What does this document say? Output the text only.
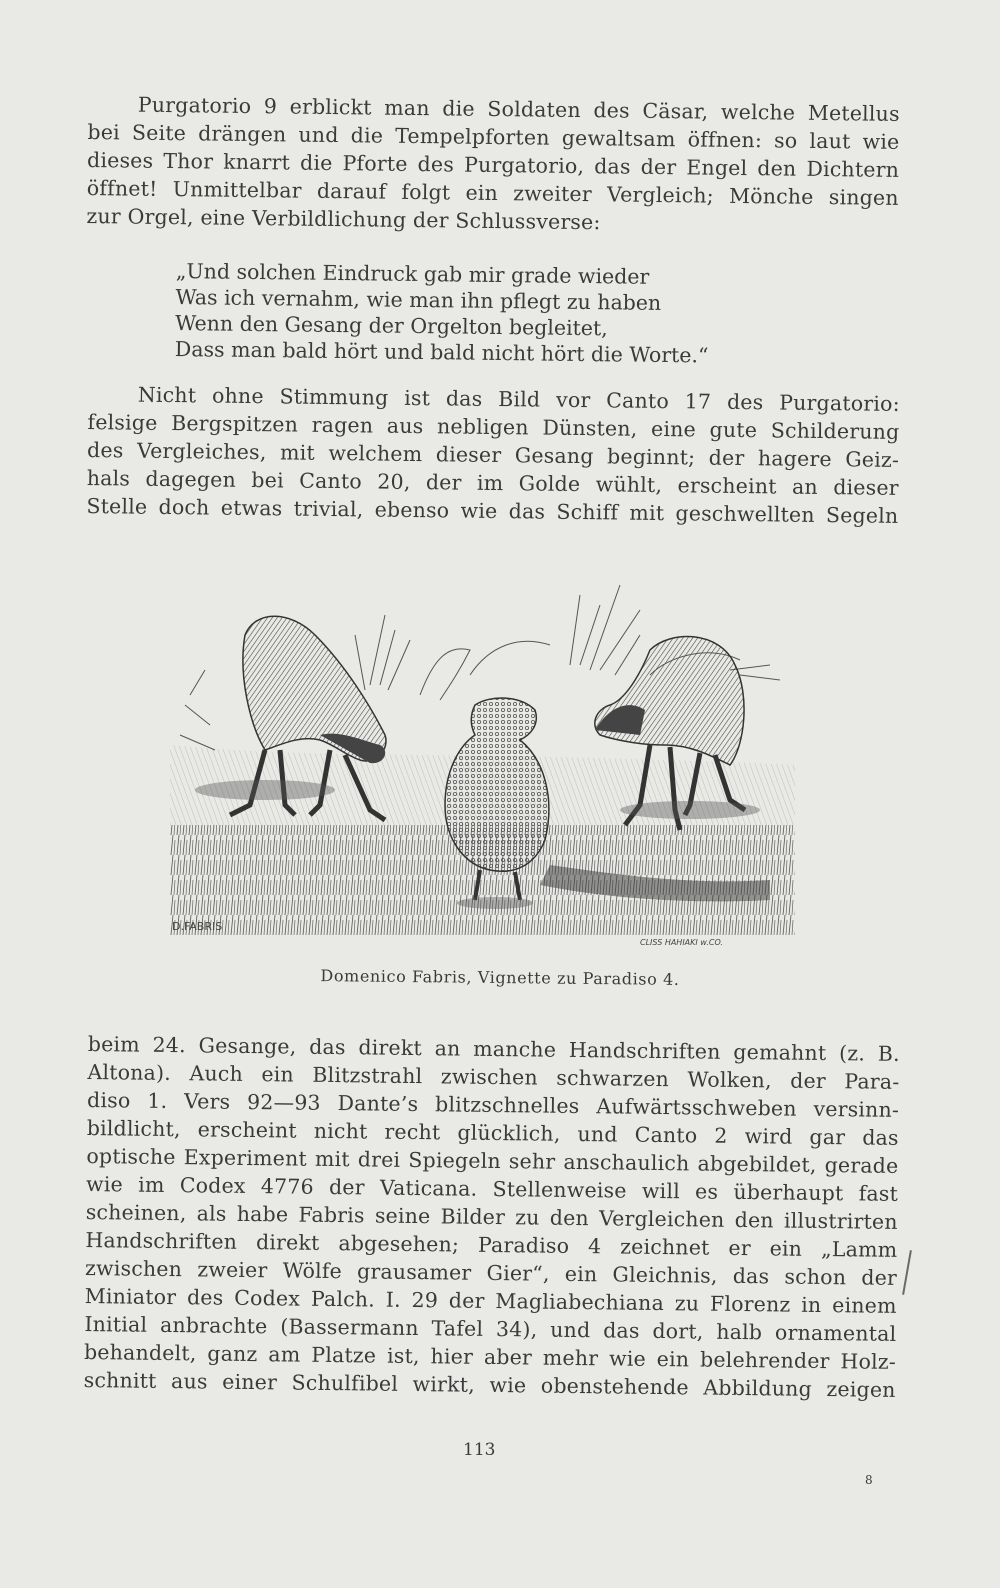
Purgatorio 9 erblickt man die Soldaten des Cäsar, welche Metellus
bei Seite drängen und die Tempelpforten gewaltsam öffnen: so laut wie
dieses Thor knarrt die Pforte des Purgatorio, das der Engel den Dichtern
öffnet! Unmittelbar darauf folgt ein zweiter Vergleich; Mönche singen
zur Orgel, eine Verbildlichung der Schlussverse:
„Und solchen Eindruck gab mir grade wieder
Was ich vernahm, wie man ihn pflegt zu haben
Wenn den Gesang der Orgelton begleitet,
Dass man bald hört und bald nicht hört die Worte.“
Nicht ohne Stimmung ist das Bild vor Canto 17 des Purgatorio:
felsige Bergspitzen ragen aus nebligen Dünsten, eine gute Schilderung
des Vergleiches, mit welchem dieser Gesang beginnt; der hagere Geiz-
hals dagegen bei Canto 20, der im Golde wühlt, erscheint an dieser
Stelle doch etwas trivial, ebenso wie das Schiff mit geschwellten Segeln
D.FABRIS
CLISS HAHIAKI w.CO.
Domenico Fabris, Vignette zu Paradiso 4.
beim 24. Gesange, das direkt an manche Handschriften gemahnt (z. B.
Altona). Auch ein Blitzstrahl zwischen schwarzen Wolken, der Para-
diso 1. Vers 92—93 Dante’s blitzschnelles Aufwärtsschweben versinn-
bildlicht, erscheint nicht recht glücklich, und Canto 2 wird gar das
optische Experiment mit drei Spiegeln sehr anschaulich abgebildet, gerade
wie im Codex 4776 der Vaticana. Stellenweise will es überhaupt fast
scheinen, als habe Fabris seine Bilder zu den Vergleichen den illustrirten
Handschriften direkt abgesehen; Paradiso 4 zeichnet er ein „Lamm
zwischen zweier Wölfe grausamer Gier“, ein Gleichnis, das schon der
Miniator des Codex Palch. I. 29 der Magliabechiana zu Florenz in einem
Initial anbrachte (Bassermann Tafel 34), und das dort, halb ornamental
behandelt, ganz am Platze ist, hier aber mehr wie ein belehrender Holz-
schnitt aus einer Schulfibel wirkt, wie obenstehende Abbildung zeigen
113
8
